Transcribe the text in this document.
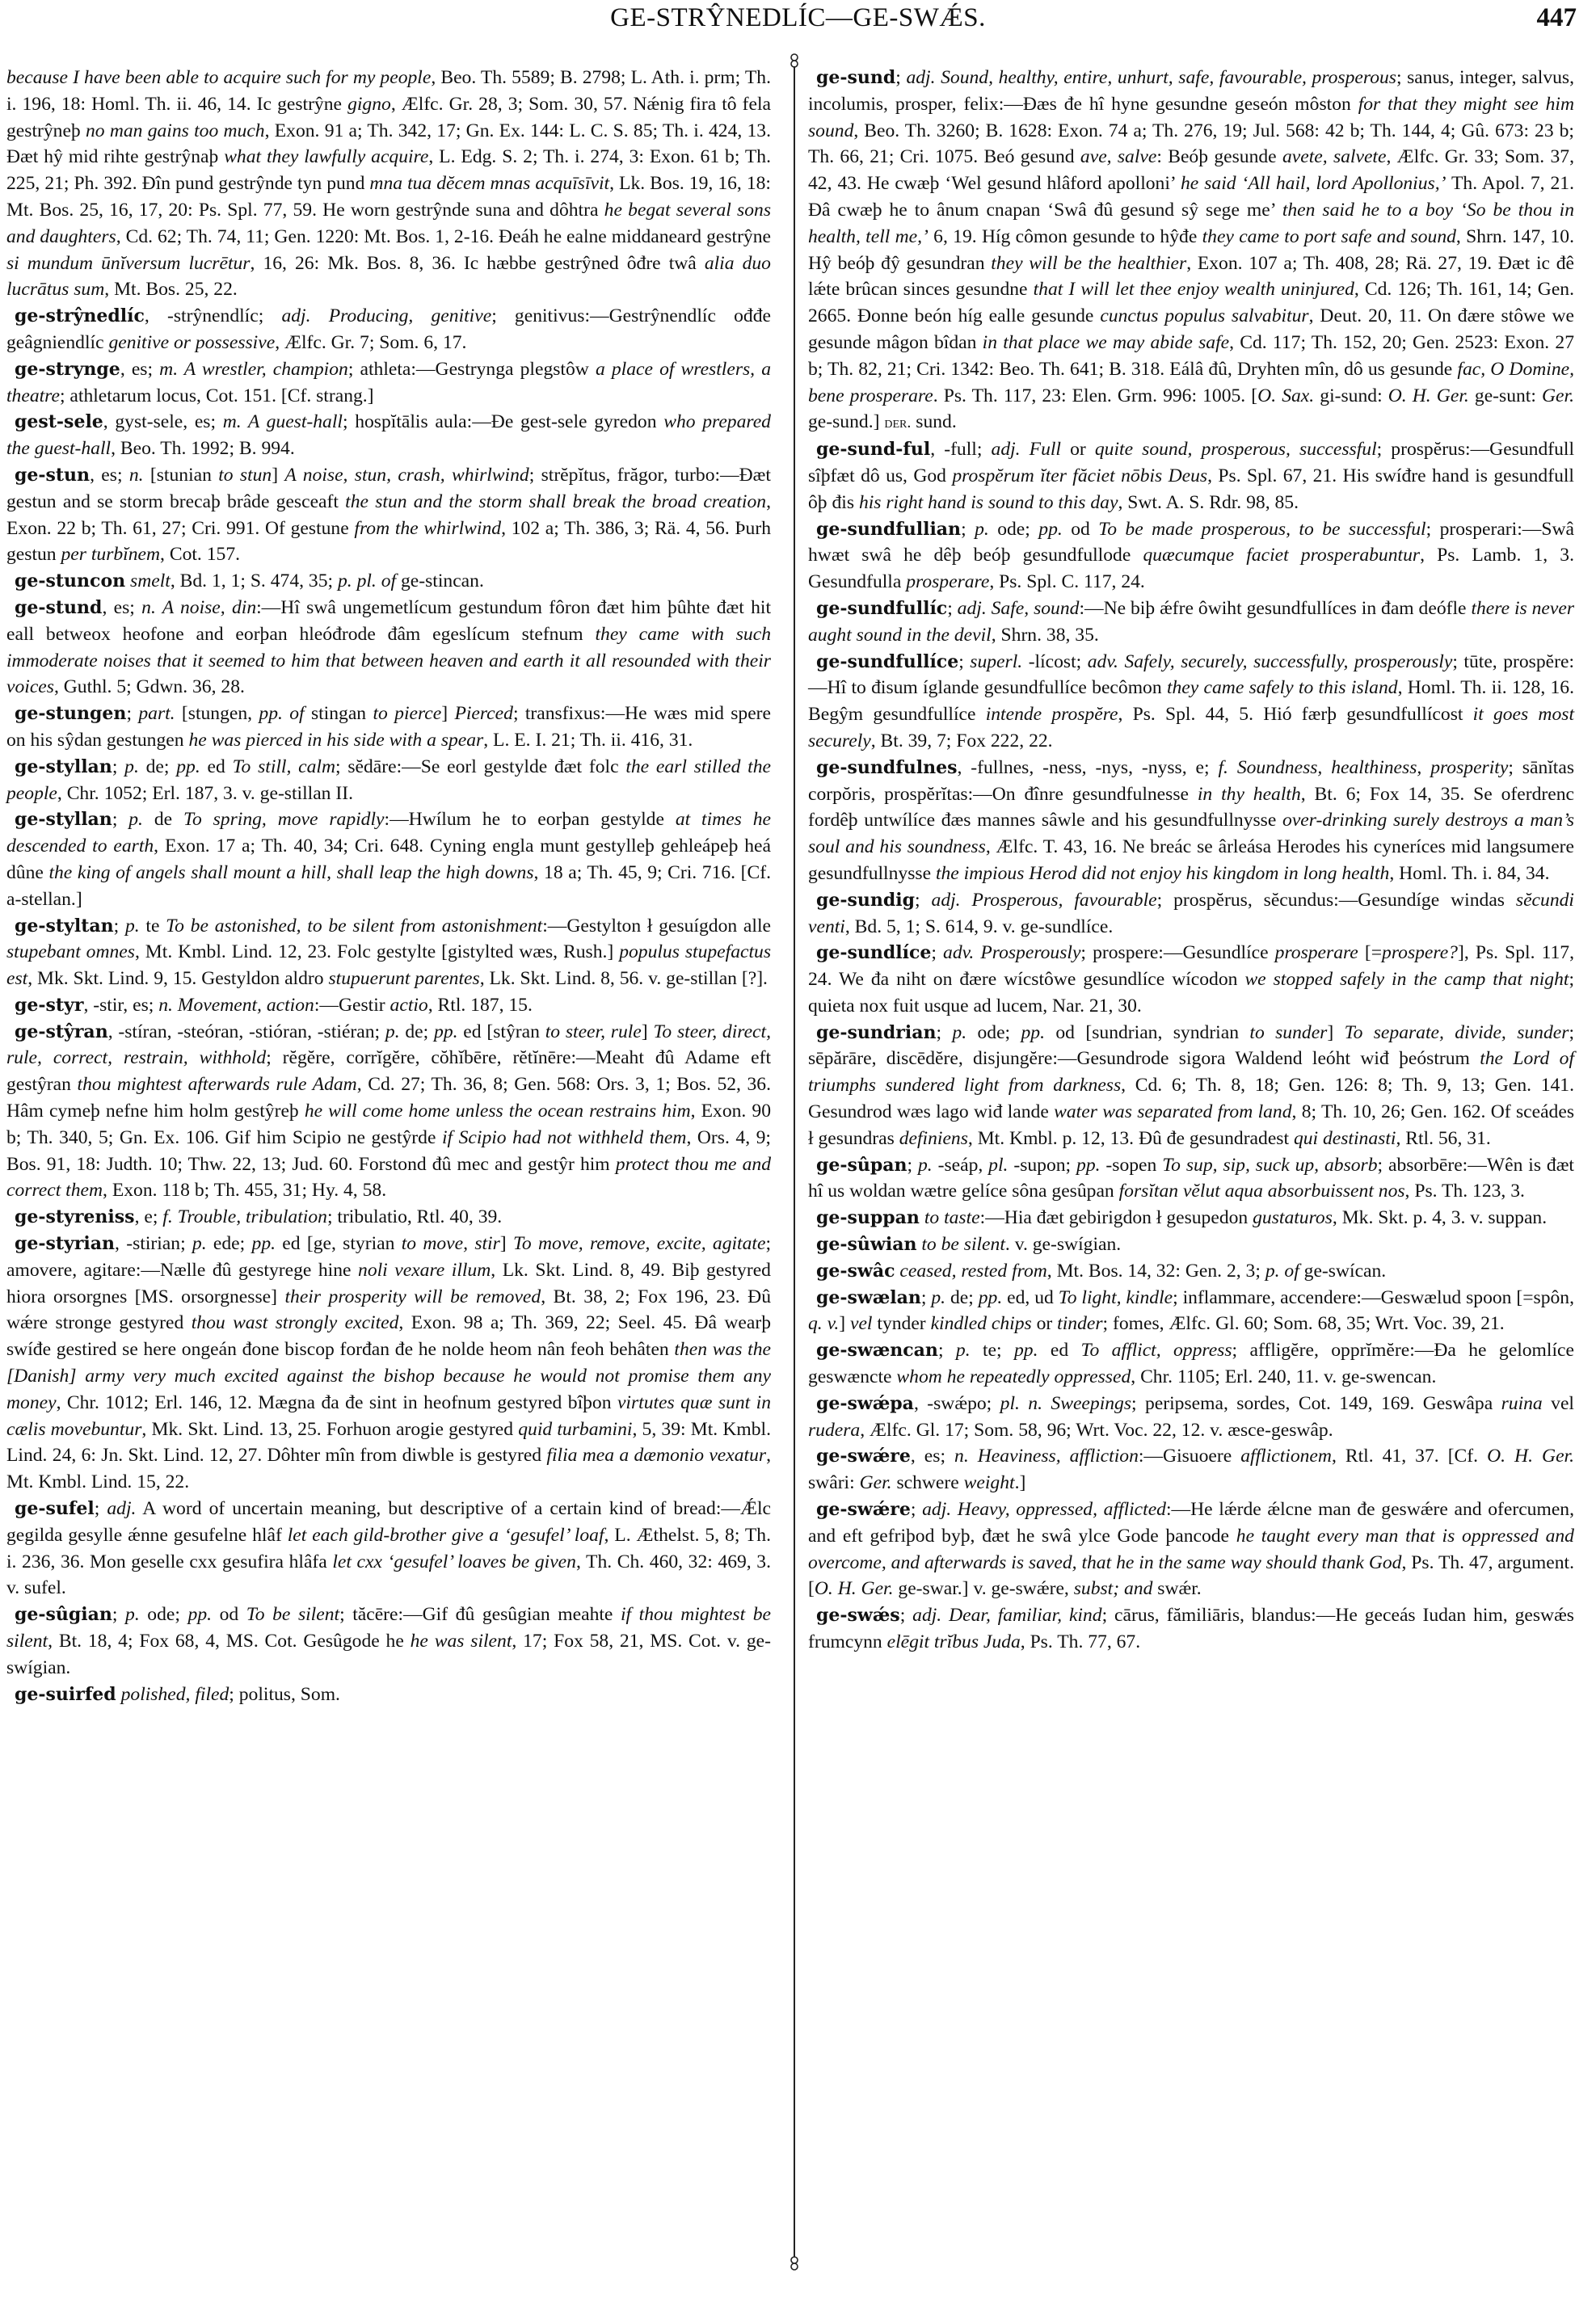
GE-STRŶNEDLÍC—GE-SWǼS.	447

because I have been able to acquire such for my people, Beo. Th. 5589; B. 2798; L. Ath. i. prm; Th. i. 196, 18: Homl. Th. ii. 46, 14. Ic gestrŷne gigno, Ælfc. Gr. 28, 3; Som. 30, 57. Nǽnig fira tô fela gestrŷneþ no man gains too much, Exon. 91 a; Th. 342, 17; Gn. Ex. 144: L. C. S. 85; Th. i. 424, 13. Ðæt hŷ mid rihte gestrŷnaþ what they lawfully acquire, L. Edg. S. 2; Th. i. 274, 3: Exon. 61 b; Th. 225, 21; Ph. 392. Ðîn pund gestrŷnde tyn pund mna tua dĕcem mnas acquīsīvit, Lk. Bos. 19, 16, 18: Mt. Bos. 25, 16, 17, 20: Ps. Spl. 77, 59. He worn gestrŷnde suna and dôhtra he begat several sons and daughters, Cd. 62; Th. 74, 11; Gen. 1220: Mt. Bos. 1, 2-16. Ðeáh he ealne middaneard gestrŷne si mundum ūnĭversum lucrētur, 16, 26: Mk. Bos. 8, 36. Ic hæbbe gestrŷned ôđre twâ alia duo lucrātus sum, Mt. Bos. 25, 22.

ge-strŷnedlíc, -strŷnendlíc; adj. Producing, genitive; genitivus:—Gestrŷnendlíc ođđe geâgniendlíc genitive or possessive, Ælfc. Gr. 7; Som. 6, 17.

ge-strynge, es; m. A wrestler, champion; athleta:—Gestrynga plegstôw a place of wrestlers, a theatre; athletarum locus, Cot. 151. [Cf. strang.]

gest-sele, gyst-sele, es; m. A guest-hall; hospĭtālis aula:—Ðe gest-sele gyredon who prepared the guest-hall, Beo. Th. 1992; B. 994.

ge-stun, es; n. [stunian to stun] A noise, stun, crash, whirlwind; strĕpĭtus, frăgor, turbo:—Ðæt gestun and se storm brecaþ brâde gesceaft the stun and the storm shall break the broad creation, Exon. 22 b; Th. 61, 27; Cri. 991. Of gestune from the whirlwind, 102 a; Th. 386, 3; Rä. 4, 56. Þurh gestun per turbĭnem, Cot. 157.

ge-stuncon smelt, Bd. 1, 1; S. 474, 35; p. pl. of ge-stincan.

ge-stund, es; n. A noise, din:—Hî swâ ungemetlícum gestundum fôron đæt him þûhte đæt hit eall betweox heofone and eorþan hleóđrode đâm egeslícum stefnum they came with such immoderate noises that it seemed to him that between heaven and earth it all resounded with their voices, Guthl. 5; Gdwn. 36, 28.

ge-stungen; part. [stungen, pp. of stingan to pierce] Pierced; transfixus:—He wæs mid spere on his sŷdan gestungen he was pierced in his side with a spear, L. E. I. 21; Th. ii. 416, 31.

ge-styllan; p. de; pp. ed To still, calm; sĕdāre:—Se eorl gestylde đæt folc the earl stilled the people, Chr. 1052; Erl. 187, 3. v. ge-stillan II.

ge-styllan; p. de To spring, move rapidly:—Hwílum he to eorþan gestylde at times he descended to earth, Exon. 17 a; Th. 40, 34; Cri. 648. Cyning engla munt gestylleþ gehleápeþ heá dûne the king of angels shall mount a hill, shall leap the high downs, 18 a; Th. 45, 9; Cri. 716. [Cf. a-stellan.]

ge-styltan; p. te To be astonished, to be silent from astonishment:—Gestylton ł gesuígdon alle stupebant omnes, Mt. Kmbl. Lind. 12, 23. Folc gestylte [gistylted wæs, Rush.] populus stupefactus est, Mk. Skt. Lind. 9, 15. Gestyldon aldro stupuerunt parentes, Lk. Skt. Lind. 8, 56. v. ge-stillan [?].

ge-styr, -stir, es; n. Movement, action:—Gestir actio, Rtl. 187, 15.

ge-stŷran, -stíran, -steóran, -stióran, -stiéran; p. de; pp. ed [stŷran to steer, rule] To steer, direct, rule, correct, restrain, withhold; rĕgĕre, corrĭgĕre, cŏhĭbēre, rĕtĭnēre:—Meaht đû Adame eft gestŷran thou mightest afterwards rule Adam, Cd. 27; Th. 36, 8; Gen. 568: Ors. 3, 1; Bos. 52, 36. Hâm cymeþ nefne him holm gestŷreþ he will come home unless the ocean restrains him, Exon. 90 b; Th. 340, 5; Gn. Ex. 106. Gif him Scipio ne gestŷrde if Scipio had not withheld them, Ors. 4, 9; Bos. 91, 18: Judth. 10; Thw. 22, 13; Jud. 60. Forstond đû mec and gestŷr him protect thou me and correct them, Exon. 118 b; Th. 455, 31; Hy. 4, 58.

ge-styreniss, e; f. Trouble, tribulation; tribulatio, Rtl. 40, 39.

ge-styrian, -stirian; p. ede; pp. ed [ge, styrian to move, stir] To move, remove, excite, agitate; amovere, agitare:—Nælle đû gestyrege hine noli vexare illum, Lk. Skt. Lind. 8, 49. Biþ gestyred hiora orsorgnes [MS. orsorgnesse] their prosperity will be removed, Bt. 38, 2; Fox 196, 23. Đû wǽre stronge gestyred thou wast strongly excited, Exon. 98 a; Th. 369, 22; Seel. 45. Đâ wearþ swíđe gestired se here ongeán đone biscop forđan đe he nolde heom nân feoh behâten then was the [Danish] army very much excited against the bishop because he would not promise them any money, Chr. 1012; Erl. 146, 12. Mægna đa đe sint in heofnum gestyred bîþon virtutes quæ sunt in cælis movebuntur, Mk. Skt. Lind. 13, 25. Forhuon arogie gestyred quid turbamini, 5, 39: Mt. Kmbl. Lind. 24, 6: Jn. Skt. Lind. 12, 27. Dôhter mîn from diwble is gestyred filia mea a dæmonio vexatur, Mt. Kmbl. Lind. 15, 22.

ge-sufel; adj. A word of uncertain meaning, but descriptive of a certain kind of bread:—Ǽlc gegilda gesylle ǽnne gesufelne hlâf let each gild-brother give a ‘gesufel’ loaf, L. Æthelst. 5, 8; Th. i. 236, 36. Mon geselle cxx gesufira hlâfa let cxx ‘gesufel’ loaves be given, Th. Ch. 460, 32: 469, 3. v. sufel.

ge-sûgian; p. ode; pp. od To be silent; tăcēre:—Gif đû gesûgian meahte if thou mightest be silent, Bt. 18, 4; Fox 68, 4, MS. Cot. Gesûgode he he was silent, 17; Fox 58, 21, MS. Cot. v. ge-swígian.

ge-suirfed polished, filed; politus, Som.

ge-sund; adj. Sound, healthy, entire, unhurt, safe, favourable, prosperous; sanus, integer, salvus, incolumis, prosper, felix:—Ðæs đe hî hyne gesundne geseón môston for that they might see him sound, Beo. Th. 3260; B. 1628: Exon. 74 a; Th. 276, 19; Jul. 568: 42 b; Th. 144, 4; Gû. 673: 23 b; Th. 66, 21; Cri. 1075. Beó gesund ave, salve: Beóþ gesunde avete, salvete, Ælfc. Gr. 33; Som. 37, 42, 43. He cwæþ ‘Wel gesund hlâford apolloni’ he said ‘All hail, lord Apollonius,’ Th. Apol. 7, 21. Đâ cwæþ he to ânum cnapan ‘Swâ đû gesund sŷ sege me’ then said he to a boy ‘So be thou in health, tell me,’ 6, 19. Híg cômon gesunde to hŷđe they came to port safe and sound, Shrn. 147, 10. Hŷ beóþ đŷ gesundran they will be the healthier, Exon. 107 a; Th. 408, 28; Rä. 27, 19. Ðæt ic đê lǽte brûcan sinces gesundne that I will let thee enjoy wealth uninjured, Cd. 126; Th. 161, 14; Gen. 2665. Ðonne beón híg ealle gesunde cunctus populus salvabitur, Deut. 20, 11. On đære stôwe we gesunde mâgon bîdan in that place we may abide safe, Cd. 117; Th. 152, 20; Gen. 2523: Exon. 27 b; Th. 82, 21; Cri. 1342: Beo. Th. 641; B. 318. Eálâ đû, Dryhten mîn, dô us gesunde fac, O Domine, bene prosperare. Ps. Th. 117, 23: Elen. Grm. 996: 1005. [O. Sax. gi-sund: O. H. Ger. ge-sunt: Ger. ge-sund.] der. sund.

ge-sund-ful, -full; adj. Full or quite sound, prosperous, successful; prospĕrus:—Gesundfull sîþfæt dô us, God prospĕrum ĭter făciet nōbis Deus, Ps. Spl. 67, 21. His swíđre hand is gesundfull ôþ đis his right hand is sound to this day, Swt. A. S. Rdr. 98, 85.

ge-sundfullian; p. ode; pp. od To be made prosperous, to be successful; prosperari:—Swâ hwæt swâ he dêþ beóþ gesundfullode quæcumque faciet prosperabuntur, Ps. Lamb. 1, 3. Gesundfulla prosperare, Ps. Spl. C. 117, 24.

ge-sundfullíc; adj. Safe, sound:—Ne biþ ǽfre ôwiht gesundfullíces in đam deófle there is never aught sound in the devil, Shrn. 38, 35.

ge-sundfullíce; superl. -lícost; adv. Safely, securely, successfully, prosperously; tūte, prospĕre:—Hî to đisum íglande gesundfullíce becômon they came safely to this island, Homl. Th. ii. 128, 16. Begŷm gesundfullíce intende prospĕre, Ps. Spl. 44, 5. Hió færþ gesundfullícost it goes most securely, Bt. 39, 7; Fox 222, 22.

ge-sundfulnes, -fullnes, -ness, -nys, -nyss, e; f. Soundness, healthiness, prosperity; sānĭtas corpŏris, prospĕrĭtas:—On đînre gesundfulnesse in thy health, Bt. 6; Fox 14, 35. Se oferdrenc fordêþ untwílíce đæs mannes sâwle and his gesundfullnysse over-drinking surely destroys a man’s soul and his soundness, Ælfc. T. 43, 16. Ne breác se ârleása Herodes his cyneríces mid langsumere gesundfullnysse the impious Herod did not enjoy his kingdom in long health, Homl. Th. i. 84, 34.

ge-sundig; adj. Prosperous, favourable; prospĕrus, sĕcundus:—Gesundíge windas sĕcundi venti, Bd. 5, 1; S. 614, 9. v. ge-sundlíce.

ge-sundlíce; adv. Prosperously; prospere:—Gesundlíce prosperare [=prospere?], Ps. Spl. 117, 24. We đa niht on đære wícstôwe gesundlíce wícodon we stopped safely in the camp that night; quieta nox fuit usque ad lucem, Nar. 21, 30.

ge-sundrian; p. ode; pp. od [sundrian, syndrian to sunder] To separate, divide, sunder; sēpărāre, discēdĕre, disjungĕre:—Gesundrode sigora Waldend leóht wiđ þeóstrum the Lord of triumphs sundered light from darkness, Cd. 6; Th. 8, 18; Gen. 126: 8; Th. 9, 13; Gen. 141. Gesundrod wæs lago wiđ lande water was separated from land, 8; Th. 10, 26; Gen. 162. Of sceádes ł gesundras definiens, Mt. Kmbl. p. 12, 13. Đû đe gesundradest qui destinasti, Rtl. 56, 31.

ge-sûpan; p. -seáp, pl. -supon; pp. -sopen To sup, sip, suck up, absorb; absorbēre:—Wên is đæt hî us woldan wætre gelíce sôna gesûpan forsĭtan vĕlut aqua absorbuissent nos, Ps. Th. 123, 3.

ge-suppan to taste:—Hia đæt gebirigdon ł gesupedon gustaturos, Mk. Skt. p. 4, 3. v. suppan.

ge-sûwian to be silent. v. ge-swígian.

ge-swâc ceased, rested from, Mt. Bos. 14, 32: Gen. 2, 3; p. of ge-swícan.

ge-swælan; p. de; pp. ed, ud To light, kindle; inflammare, accendere:—Geswælud spoon [=spôn, q. v.] vel tynder kindled chips or tinder; fomes, Ælfc. Gl. 60; Som. 68, 35; Wrt. Voc. 39, 21.

ge-swæncan; p. te; pp. ed To afflict, oppress; affligĕre, opprĭmĕre:—Đa he gelomlíce geswæncte whom he repeatedly oppressed, Chr. 1105; Erl. 240, 11. v. ge-swencan.

ge-swǽpa, -swǽpo; pl. n. Sweepings; peripsema, sordes, Cot. 149, 169. Geswâpa ruina vel rudera, Ælfc. Gl. 17; Som. 58, 96; Wrt. Voc. 22, 12. v. æsce-geswâp.

ge-swǽre, es; n. Heaviness, affliction:—Gisuoere afflictionem, Rtl. 41, 37. [Cf. O. H. Ger. swâri: Ger. schwere weight.]

ge-swǽre; adj. Heavy, oppressed, afflicted:—He lǽrde ǽlcne man đe geswǽre and ofercumen, and eft gefriþod byþ, đæt he swâ ylce Gode þancode he taught every man that is oppressed and overcome, and afterwards is saved, that he in the same way should thank God, Ps. Th. 47, argument. [O. H. Ger. ge-swar.] v. ge-swǽre, subst; and swǽr.

ge-swǽs; adj. Dear, familiar, kind; cārus, fămiliāris, blandus:—He geceás Iudan him, geswǽs frumcynn elēgit trĭbus Juda, Ps. Th. 77, 67.
